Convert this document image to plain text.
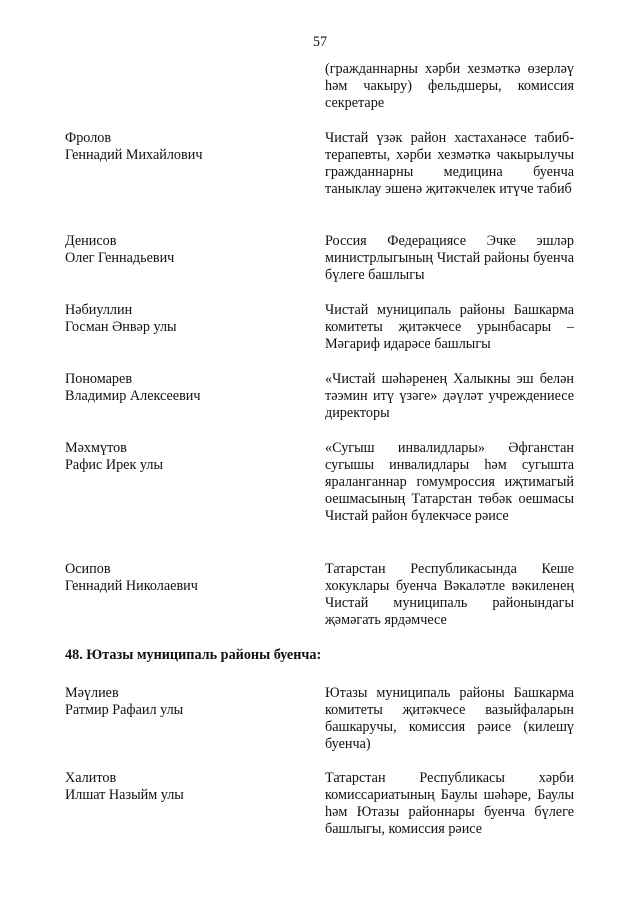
57
(гражданнарны хәрби хезмәткә өзерләү һәм чакыру) фельдшеры, комиссия секретаре
Фролов
Геннадий Михайлович
Чистай үзәк район хастаханәсе табиб-терапевты, хәрби хезмәткә чакырылучы гражданнарны медицина буенча таныклау эшенә җитәкчелек итүче табиб
Денисов
Олег Геннадьевич
Россия Федерациясе Эчке эшләр министрлыгының Чистай районы буенча бүлеге башлыгы
Нәбиуллин
Госман Әнвәр улы
Чистай муниципаль районы Башкарма комитеты җитәкчесе урынбасары – Мәгариф идарәсе башлыгы
Пономарев
Владимир Алексеевич
«Чистай шәһәренең Халыкны эш белән тәэмин итү үзәге» дәүләт учреждениесе директоры
Мәхмүтов
Рафис Ирек улы
«Сугыш инвалидлары» Әфганстан сугышы инвалидлары һәм сугышта яраланганнар гомумроссия иҗтимагый оешмасының Татарстан төбәк оешмасы Чистай район бүлекчәсе рәисе
Осипов
Геннадий Николаевич
Татарстан Республикасында Кеше хокуклары буенча Вәкаләтле вәкиленең Чистай муниципаль районындагы җәмәгать ярдәмчесе
48. Ютазы муниципаль районы буенча:
Мәүлиев
Ратмир Рафаил улы
Ютазы муниципаль районы Башкарма комитеты җитәкчесе вазыйфаларын башкаручы, комиссия рәисе (килешү буенча)
Халитов
Илшат Назыйм улы
Татарстан Республикасы хәрби комиссариатының Баулы шәһәре, Баулы һәм Ютазы районнары буенча бүлеге башлыгы, комиссия рәисе
